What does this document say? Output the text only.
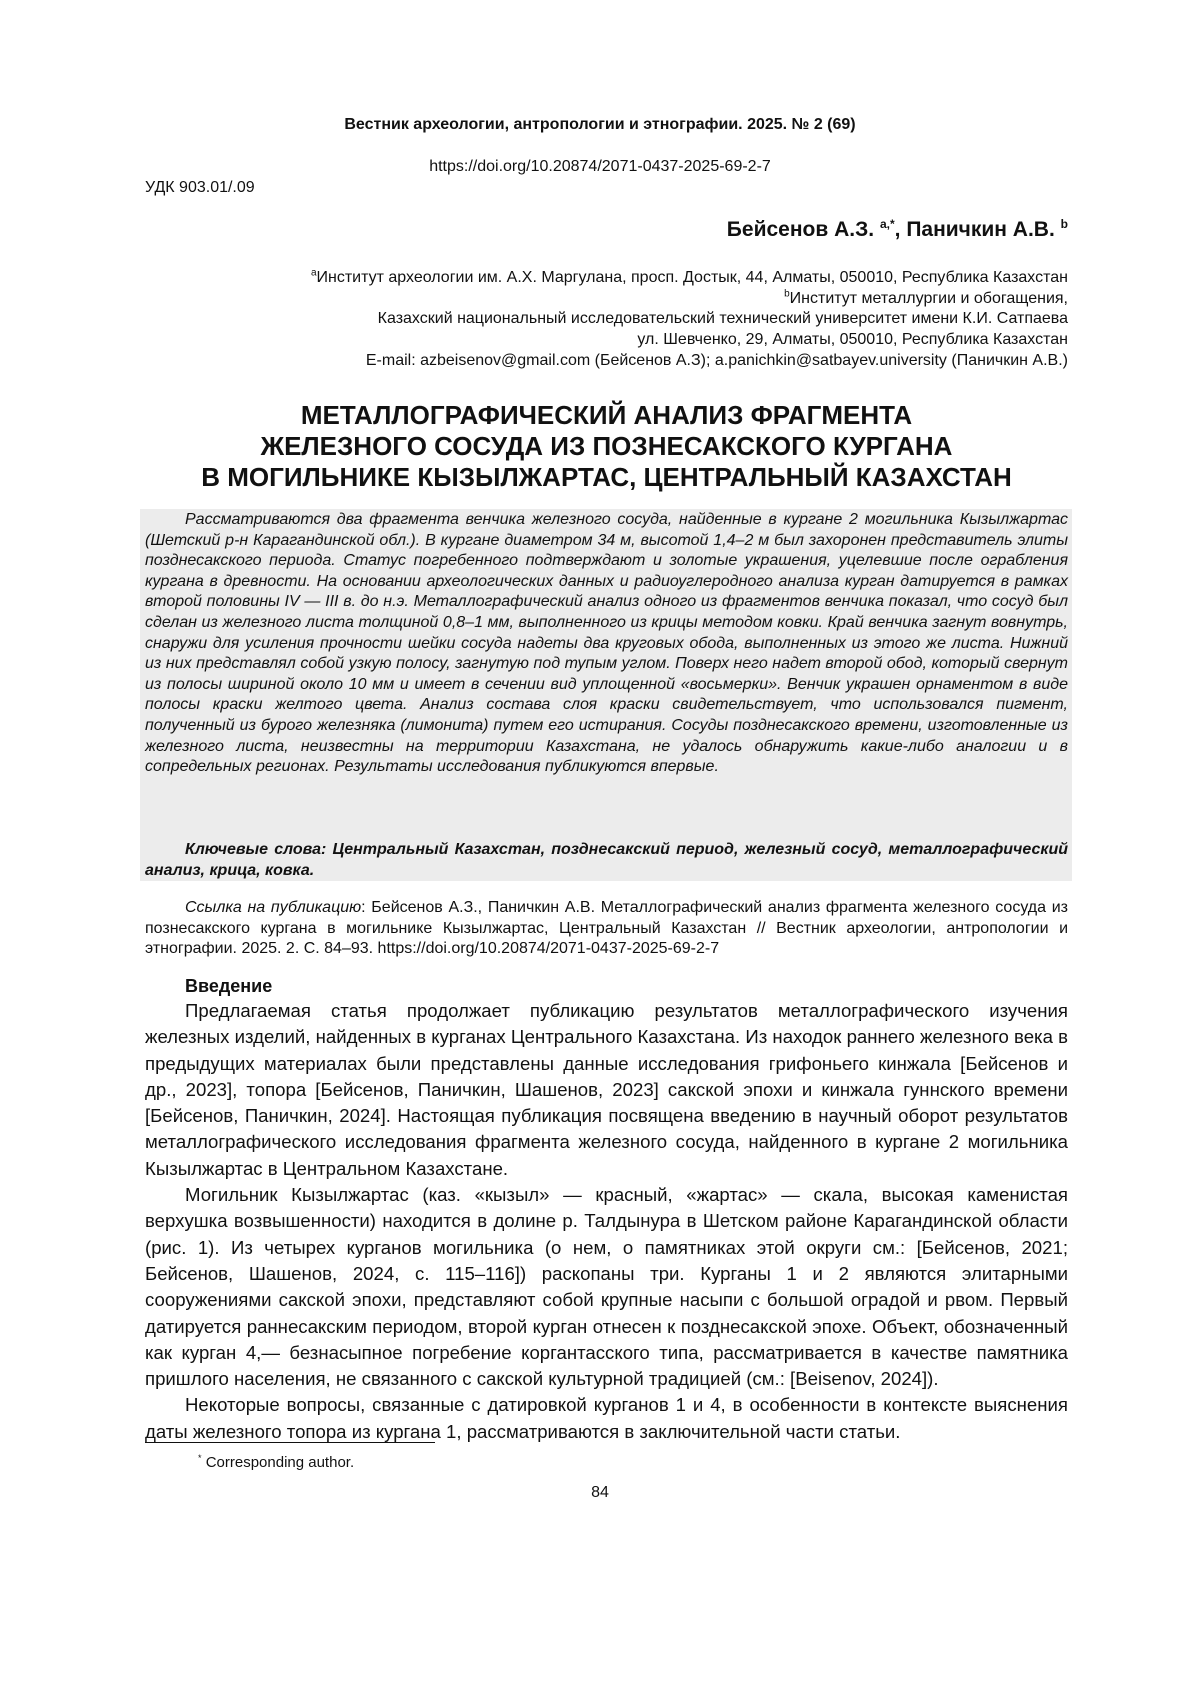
Вестник археологии, антропологии и этнографии. 2025. № 2 (69)
https://doi.org/10.20874/2071-0437-2025-69-2-7
УДК 903.01/.09
Бейсенов А.З. $^{a,*}$, Паничкин А.В. $^b$

$^a$Институт археологии им. А.Х. Маргулана, просп. Достык, 44, Алматы, 050010, Республика Казахстан

$^b$Институт металлургии и обогащения,

Казахский национальный исследовательский технический университет имени К.И. Сатпаева

ул. Шевченко, 29, Алматы, 050010, Республика Казахстан

E-mail: azbeisenov@gmail.com (Бейсенов А.З); a.panichkin@satbayev.university (Паничкин А.В.)

МЕТАЛЛОГРАФИЧЕСКИЙ АНАЛИЗ ФРАГМЕНТА
ЖЕЛЕЗНОГО СОСУДА ИЗ ПОЗНЕСАКСКОГО КУРГАНА
В МОГИЛЬНИКЕ КЫЗЫЛЖАРТАС, ЦЕНТРАЛЬНЫЙ КАЗАХСТАН

Рассматриваются два фрагмента венчика железного сосуда, найденные в кургане 2 могильника Кызылжартас (Шетский р-н Карагандинской обл.). В кургане диаметром 34 м, высотой 1,4–2 м был захоронен представитель элиты позднесакского периода. Статус погребенного подтверждают и золотые украшения, уцелевшие после ограбления кургана в древности. На основании археологических данных и радиоуглеродного анализа курган датируется в рамках второй половины IV — III в. до н.э. Металлографический анализ одного из фрагментов венчика показал, что сосуд был сделан из железного листа толщиной 0,8–1 мм, выполненного из крицы методом ковки. Край венчика загнут вовнутрь, снаружи для усиления прочности шейки сосуда надеты два круговых обода, выполненных из этого же листа. Нижний из них представлял собой узкую полосу, загнутую под тупым углом. Поверх него надет второй обод, который свернут из полосы шириной около 10 мм и имеет в сечении вид уплощенной «восьмерки». Венчик украшен орнаментом в виде полосы краски желтого цвета. Анализ состава слоя краски свидетельствует, что использовался пигмент, полученный из бурого железняка (лимонита) путем его истирания. Сосуды позднесакского времени, изготовленные из железного листа, неизвестны на территории Казахстана, не удалось обнаружить какие-либо аналогии и в сопредельных регионах. Результаты исследования публикуются впервые.

Ключевые слова: Центральный Казахстан, позднесакский период, железный сосуд, металлографический анализ, крица, ковка.

Ссылка на публикацию: Бейсенов А.З., Паничкин А.В. Металлографический анализ фрагмента железного сосуда из познесакского кургана в могильнике Кызылжартас, Центральный Казахстан // Вестник археологии, антропологии и этнографии. 2025. 2. С. 84–93. https://doi.org/10.20874/2071-0437-2025-69-2-7

Введение

Предлагаемая статья продолжает публикацию результатов металлографического изучения железных изделий, найденных в курганах Центрального Казахстана. Из находок раннего железного века в предыдущих материалах были представлены данные исследования грифоньего кинжала [Бейсенов и др., 2023], топора [Бейсенов, Паничкин, Шашенов, 2023] сакской эпохи и кинжала гуннского времени [Бейсенов, Паничкин, 2024]. Настоящая публикация посвящена введению в научный оборот результатов металлографического исследования фрагмента железного сосуда, найденного в кургане 2 могильника Кызылжартас в Центральном Казахстане.

Могильник Кызылжартас (каз. «кызыл» — красный, «жартас» — скала, высокая каменистая верхушка возвышенности) находится в долине р. Талдынура в Шетском районе Карагандинской области (рис. 1). Из четырех курганов могильника (о нем, о памятниках этой округи см.: [Бейсенов, 2021; Бейсенов, Шашенов, 2024, с. 115–116]) раскопаны три. Курганы 1 и 2 являются элитарными сооружениями сакской эпохи, представляют собой крупные насыпи с большой оградой и рвом. Первый датируется раннесакским периодом, второй курган отнесен к позднесакской эпохе. Объект, обозначенный как курган 4,— безнасыпное погребение коргантасского типа, рассматривается в качестве памятника пришлого населения, не связанного с сакской культурной традицией (см.: [Beisenov, 2024]).

Некоторые вопросы, связанные с датировкой курганов 1 и 4, в особенности в контексте выяснения даты железного топора из кургана 1, рассматриваются в заключительной части статьи.

* Corresponding author.
84
